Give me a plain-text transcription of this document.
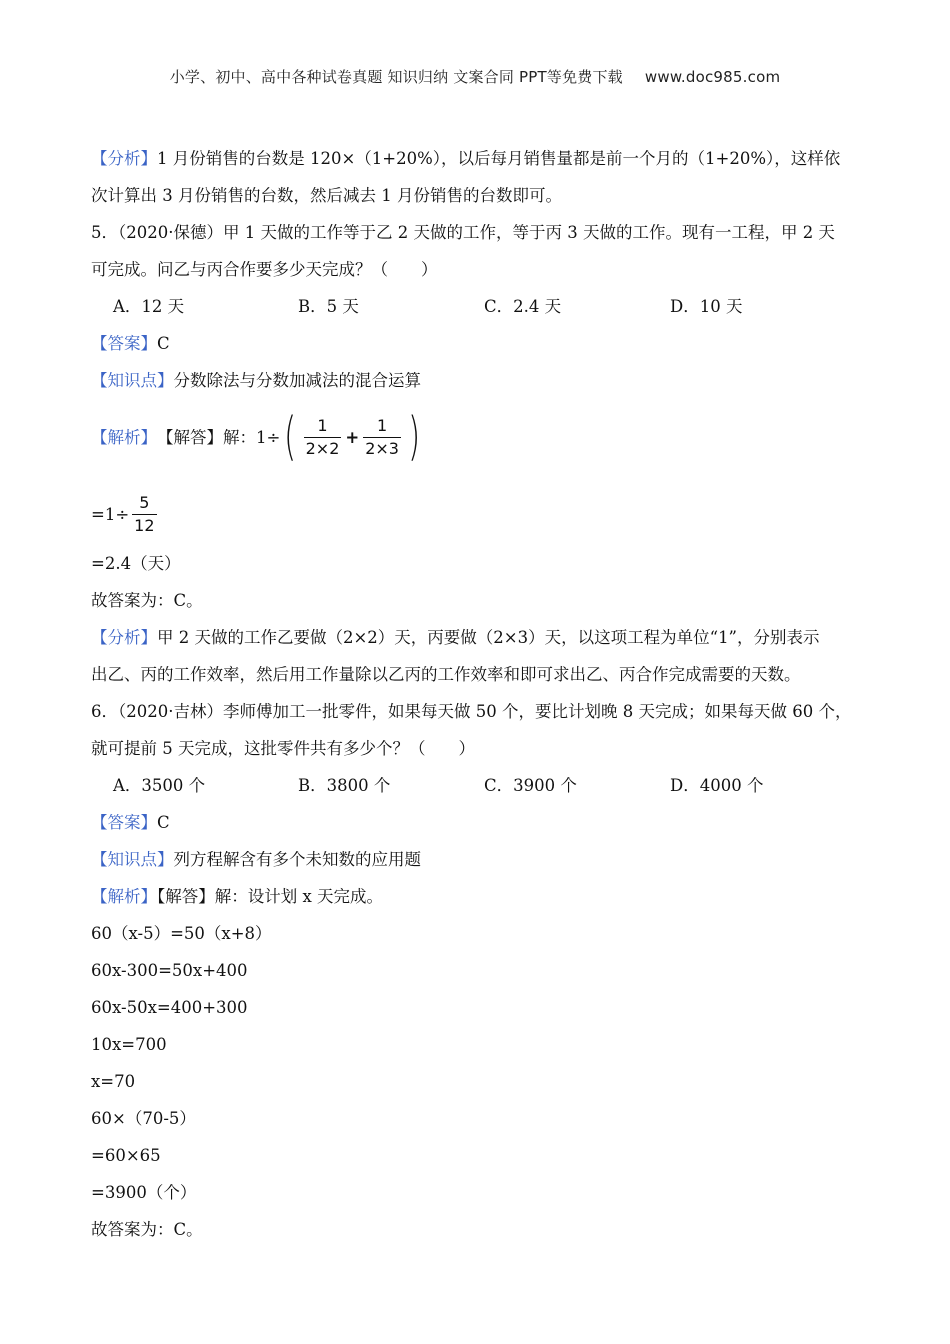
小学、初中、高中各种试卷真题 知识归纳 文案合同 PPT等免费下载 www.doc985.com
【分析】1 月份销售的台数是 120×（1+20%），以后每月销售量都是前一个月的（1+20%），这样依
次计算出 3 月份销售的台数，然后减去 1 月份销售的台数即可。
5．（2020·保德）甲 1 天做的工作等于乙 2 天做的工作，等于丙 3 天做的工作。现有一工程，甲 2 天
可完成。问乙与丙合作要多少天完成？（　　）
A．12 天	B．5 天	C．2.4 天	D．10 天
【答案】C
【知识点】分数除法与分数加减法的混合运算
【解析】 【解答】解：1÷ ( $\frac{1}{2\times 2} + \frac{1}{2\times 3}$ )
$=1\div \frac{5}{12}$
=2.4（天）
故答案为：C。
【分析】甲 2 天做的工作乙要做（2×2）天，丙要做（2×3）天，以这项工程为单位“1”，分别表示
出乙、丙的工作效率，然后用工作量除以乙丙的工作效率和即可求出乙、丙合作完成需要的天数。
6．（2020·吉林）李师傅加工一批零件，如果每天做 50 个，要比计划晚 8 天完成；如果每天做 60 个，
就可提前 5 天完成，这批零件共有多少个？（　　）
A．3500 个	B．3800 个	C．3900 个	D．4000 个
【答案】C
【知识点】列方程解含有多个未知数的应用题
【解析】【解答】解：设计划 x 天完成。
60（x-5）=50（x+8）
60x-300=50x+400
60x-50x=400+300
10x=700
x=70
60×（70-5）
=60×65
=3900（个）
故答案为：C。
